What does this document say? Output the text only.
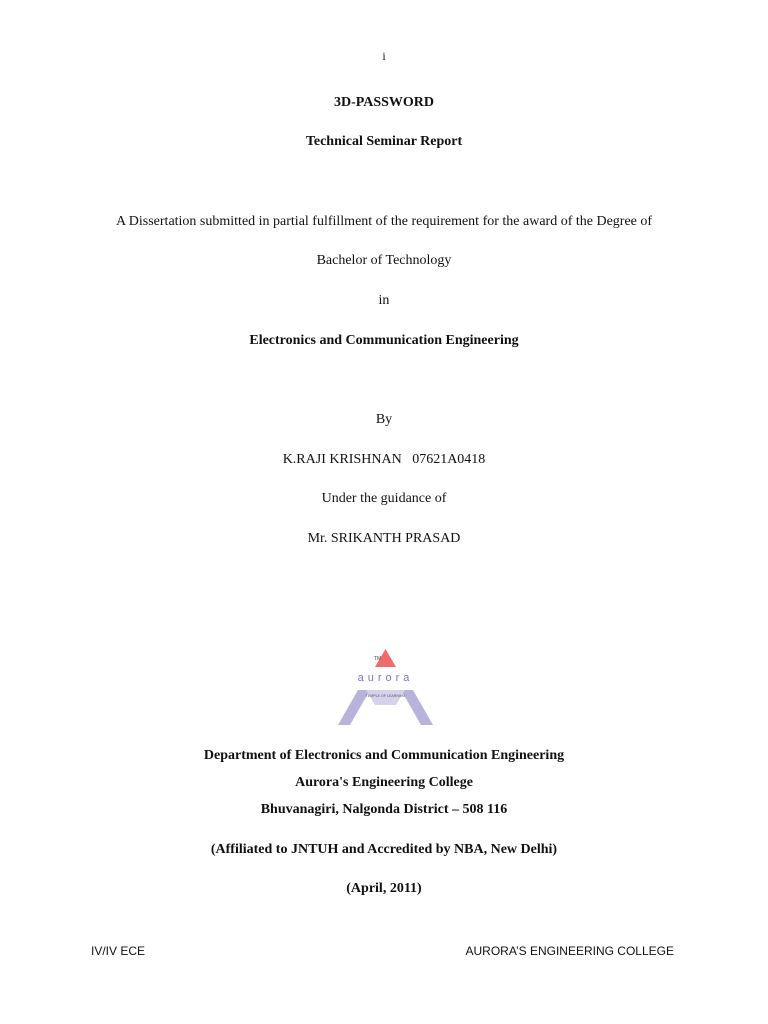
i
3D-PASSWORD
Technical Seminar Report
A Dissertation submitted in partial fulfillment of the requirement for the award of the Degree of
Bachelor of Technology
in
Electronics and Communication Engineering
By
K.RAJI KRISHNAN   07621A0418
Under the guidance of
Mr. SRIKANTH PRASAD
TM
aurora
TEMPLE OF LEARNING
Department of Electronics and Communication Engineering
Aurora's Engineering College
Bhuvanagiri, Nalgonda District – 508 116
(Affiliated to JNTUH and Accredited by NBA, New Delhi)
(April, 2011)
IV/IV ECE	AURORA’S ENGINEERING COLLEGE
